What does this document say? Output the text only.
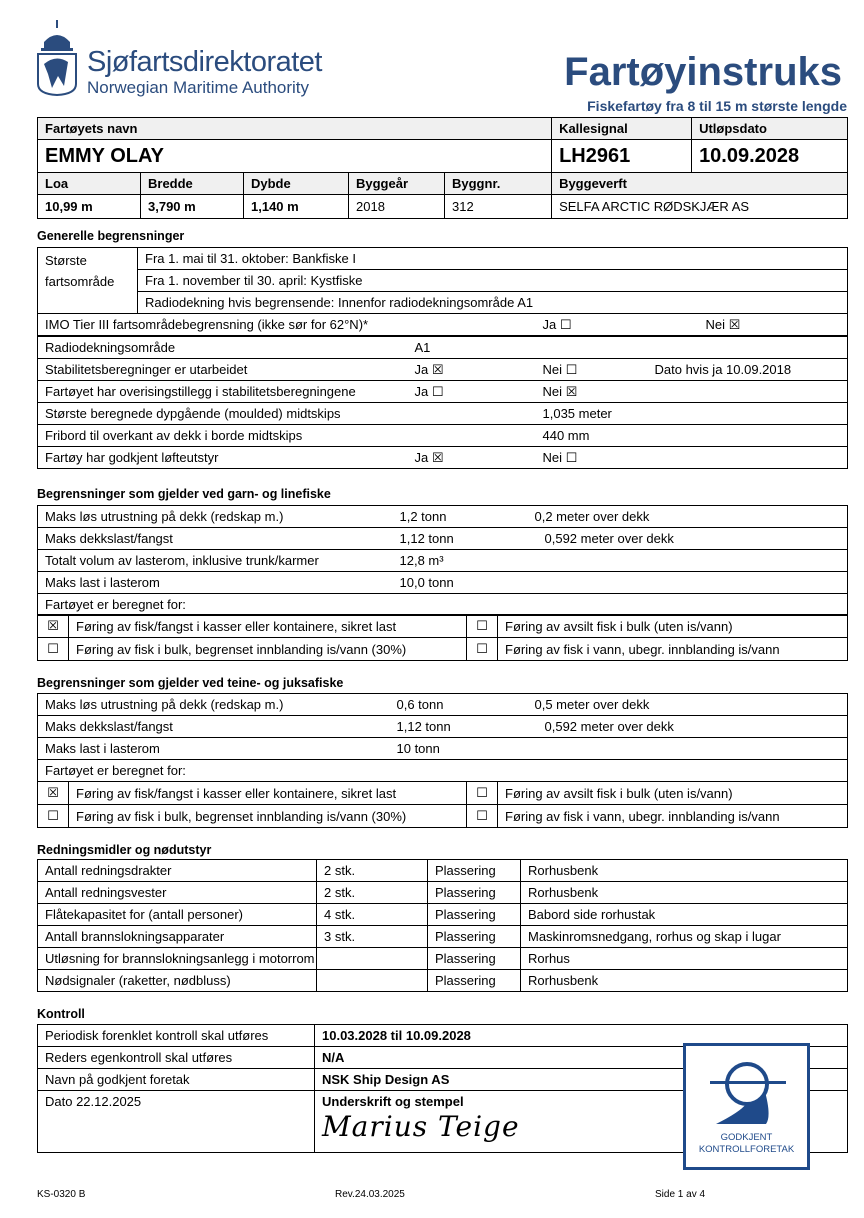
Sjøfartsdirektoratet
Norwegian Maritime Authority	Fartøyinstruks
Fiskefartøy fra 8 til 15 m største lengde
Fartøyets navn					Kallesignal	Utløpsdato
EMMY OLAY					LH2961	10.09.2028
Loa	Bredde	Dybde	Byggeår	Byggnr.	Byggeverft	
10,99 m	3,790 m	1,140 m	2018	312	SELFA ARCTIC RØDSKJÆR AS	
Generelle begrensninger
Største fartsområde	Fra 1. mai til 31. oktober: Bankfiske I
Fra 1. november til 30. april: Kystfiske
Radiodekning hvis begrensende: Innenfor radiodekningsområde A1
IMO Tier III fartsområdebegrensning (ikke sør for 62°N)*	Ja ☐	Nei ☒
Radiodekningsområde	A1		
Stabilitetsberegninger er utarbeidet	Ja ☒	Nei ☐	Dato hvis ja 10.09.2018
Fartøyet har overisingstillegg i stabilitetsberegningene	Ja ☐	Nei ☒	
Største beregnede dypgående (moulded) midtskips		1,035 meter	
Fribord til overkant av dekk i borde midtskips		440 mm	
Fartøy har godkjent løfteutstyr	Ja ☒	Nei ☐	
Begrensninger som gjelder ved garn- og linefiske
Maks løs utrustning på dekk (redskap m.)	1,2 tonn	0,2 meter over dekk
Maks dekkslast/fangst	1,12 tonn	0,592 meter over dekk
Totalt volum av lasterom, inklusive trunk/karmer	12,8 m³	
Maks last i lasterom	10,0 tonn	
Fartøyet er beregnet for:		
☒	Føring av fisk/fangst i kasser eller kontainere, sikret last	☐	Føring av avsilt fisk i bulk (uten is/vann)
☐	Føring av fisk i bulk, begrenset innblanding is/vann (30%)	☐	Føring av fisk i vann, ubegr. innblanding is/vann
Begrensninger som gjelder ved teine- og juksafiske
Maks løs utrustning på dekk (redskap m.)	0,6 tonn	0,5 meter over dekk
Maks dekkslast/fangst	1,12 tonn	0,592 meter over dekk
Maks last i lasterom	10 tonn	
Fartøyet er beregnet for:		
☒	Føring av fisk/fangst i kasser eller kontainere, sikret last	☐	Føring av avsilt fisk i bulk (uten is/vann)
☐	Føring av fisk i bulk, begrenset innblanding is/vann (30%)	☐	Føring av fisk i vann, ubegr. innblanding is/vann
Redningsmidler og nødutstyr
Antall redningsdrakter	2 stk.	Plassering	Rorhusbenk
Antall redningsvester	2 stk.	Plassering	Rorhusbenk
Flåtekapasitet for (antall personer)	4 stk.	Plassering	Babord side rorhustak
Antall brannslokningsapparater	3 stk.	Plassering	Maskinromsnedgang, rorhus og skap i lugar
Utløsning for brannslokningsanlegg i motorrom		Plassering	Rorhus
Nødsignaler (raketter, nødbluss)		Plassering	Rorhusbenk
Kontroll
Periodisk forenklet kontroll skal utføres	10.03.2028 til 10.09.2028
Reders egenkontroll skal utføres	N/A
Navn på godkjent foretak	NSK Ship Design AS
Dato 22.12.2025	Underskrift og stempel
Marius Teige	GODKJENT
KONTROLLFORETAK
KS-0320 B	Rev.24.03.2025	Side 1 av 4
